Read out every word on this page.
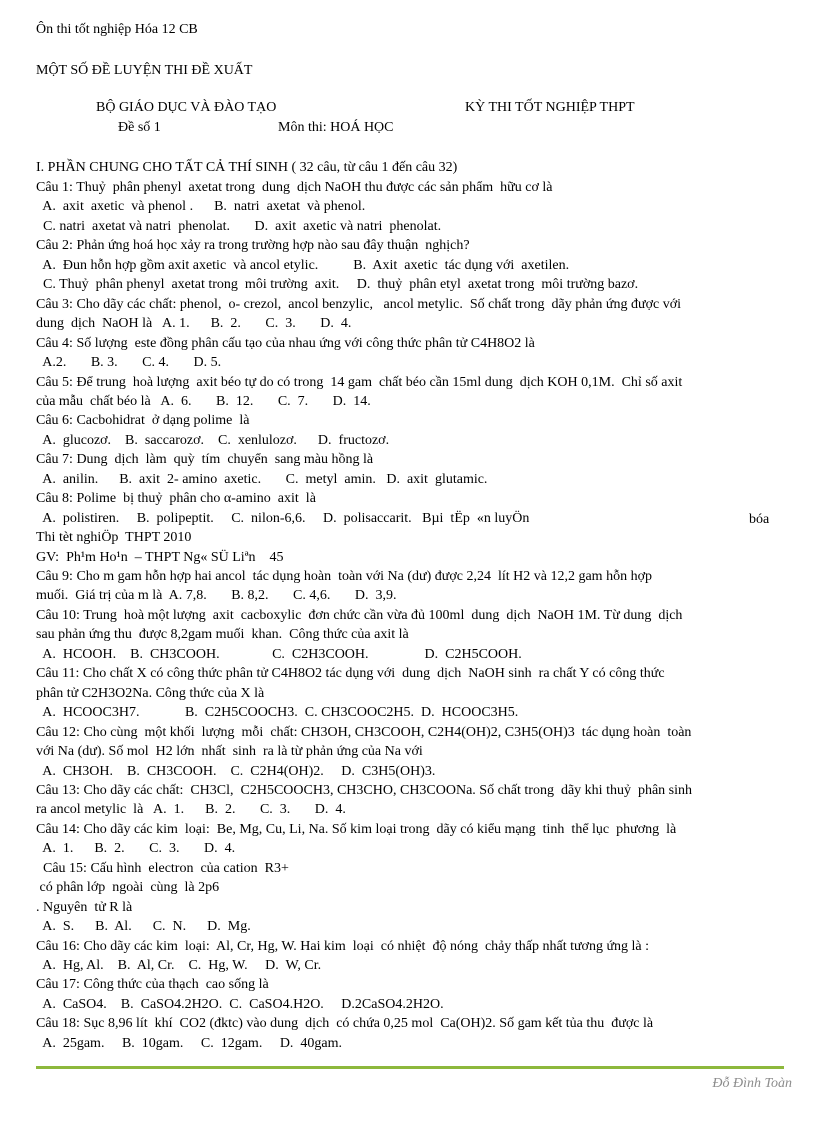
Ôn thi tốt nghiệp Hóa 12 CB
MỘT SỐ ĐỀ LUYỆN THI ĐỀ XUẤT
BỘ GIÁO DỤC VÀ ĐÀO TẠO	KỲ THI TỐT NGHIỆP THPT
Đề số 1	Môn thi: HOÁ HỌC
I. PHẦN CHUNG CHO TẤT CẢ THÍ SINH ( 32 câu, từ câu 1 đến câu 32)
Câu 1: Thuỷ  phân phenyl  axetat trong  dung  dịch NaOH thu được các sản phẩm  hữu cơ là
A.  axit  axetic  và phenol .      B.  natri  axetat  và phenol.
C. natri  axetat và natri  phenolat.       D.  axit  axetic và natri  phenolat.
Câu 2: Phản ứng hoá học xảy ra trong trường hợp nào sau đây thuận  nghịch?
A.  Đun hỗn hợp gồm axit axetic  và ancol etylic.          B.  Axit  axetic  tác dụng với  axetilen.
C. Thuỷ  phân phenyl  axetat trong  môi trường  axit.     D.  thuỷ  phân etyl  axetat trong  môi trường bazơ.
Câu 3: Cho dãy các chất: phenol,  o- crezol,  ancol benzylic,   ancol metylic.  Số chất trong  dãy phản ứng được với
dung  dịch  NaOH là   A. 1.      B.  2.       C.  3.       D.  4.
Câu 4: Số lượng  este đồng phân cấu tạo của nhau ứng với công thức phân tử C4H8O2 là
A.2.       B. 3.       C. 4.       D. 5.
Câu 5: Để trung  hoà lượng  axit béo tự do có trong  14 gam  chất béo cần 15ml dung  dịch KOH 0,1M.  Chỉ số axit
của mẫu  chất béo là   A.  6.       B.  12.       C.  7.       D.  14.
Câu 6: Cacbohidrat  ở dạng polime  là
A.  glucozơ.    B.  saccarozơ.    C.  xenlulozơ.      D.  fructozơ.
Câu 7: Dung  dịch  làm  quỳ  tím  chuyển  sang màu hồng là
A.  anilin.      B.  axit  2- amino  axetic.       C.  metyl  amin.   D.  axit  glutamic.
Câu 8: Polime  bị thuỷ  phân cho α-amino  axit  là
A.  polistiren.     B.  polipeptit.     C.  nilon-6,6.     D.  polisaccarit.   Bµi  tËp  «n luyÖn
Thi tèt nghiÖp  THPT 2010
GV:  Ph¹m Ho¹n  – THPT Ng« SÜ Liªn    45
Câu 9: Cho m gam hỗn hợp hai ancol  tác dụng hoàn  toàn với Na (dư) được 2,24  lít H2 và 12,2 gam hỗn hợp
muối.  Giá trị của m là  A. 7,8.       B. 8,2.       C. 4,6.       D.  3,9.
Câu 10: Trung  hoà một lượng  axit  cacboxylic  đơn chức cần vừa đủ 100ml  dung  dịch  NaOH 1M. Từ dung  dịch
sau phản ứng thu  được 8,2gam muối  khan.  Công thức của axit là
A.  HCOOH.    B.  CH3COOH.               C.  C2H3COOH.                D.  C2H5COOH.
Câu 11: Cho chất X có công thức phân tử C4H8O2 tác dụng với  dung  dịch  NaOH sinh  ra chất Y có công thức
phân tử C2H3O2Na. Công thức của X là
A.  HCOOC3H7.             B.  C2H5COOCH3.  C. CH3COOC2H5.  D.  HCOOC3H5.
Câu 12: Cho cùng  một khối  lượng  mỗi  chất: CH3OH, CH3COOH, C2H4(OH)2, C3H5(OH)3  tác dụng hoàn  toàn
với Na (dư). Số mol  H2 lớn  nhất  sinh  ra là từ phản ứng của Na với
A.  CH3OH.    B.  CH3COOH.    C.  C2H4(OH)2.     D.  C3H5(OH)3.
Câu 13: Cho dãy các chất:  CH3Cl,  C2H5COOCH3, CH3CHO, CH3COONa. Số chất trong  dãy khi thuỷ  phân sinh
ra ancol metylic  là   A.  1.      B.  2.       C.  3.       D.  4.
Câu 14: Cho dãy các kim  loại:  Be, Mg, Cu, Li, Na. Số kim loại trong  dãy có kiểu mạng  tinh  thể lục  phương  là
A.  1.      B.  2.       C.  3.       D.  4.
Câu 15: Cấu hình  electron  của cation  R3+
có phân lớp  ngoài  cùng  là 2p6
. Nguyên  tử R là
A.  S.      B.  Al.      C.  N.      D.  Mg.
Câu 16: Cho dãy các kim  loại:  Al, Cr, Hg, W. Hai kim  loại  có nhiệt  độ nóng  chảy thấp nhất tương ứng là :
A.  Hg, Al.    B.  Al, Cr.    C.  Hg, W.     D.  W, Cr.
Câu 17: Công thức của thạch  cao sống là
A.  CaSO4.    B.  CaSO4.2H2O.  C.  CaSO4.H2O.     D.2CaSO4.2H2O.
Câu 18: Sục 8,96 lít  khí  CO2 (đktc) vào dung  dịch  có chứa 0,25 mol  Ca(OH)2. Số gam kết tủa thu  được là
A.  25gam.     B.  10gam.     C.  12gam.     D.  40gam.
bóa
Đỗ Đình Toàn
